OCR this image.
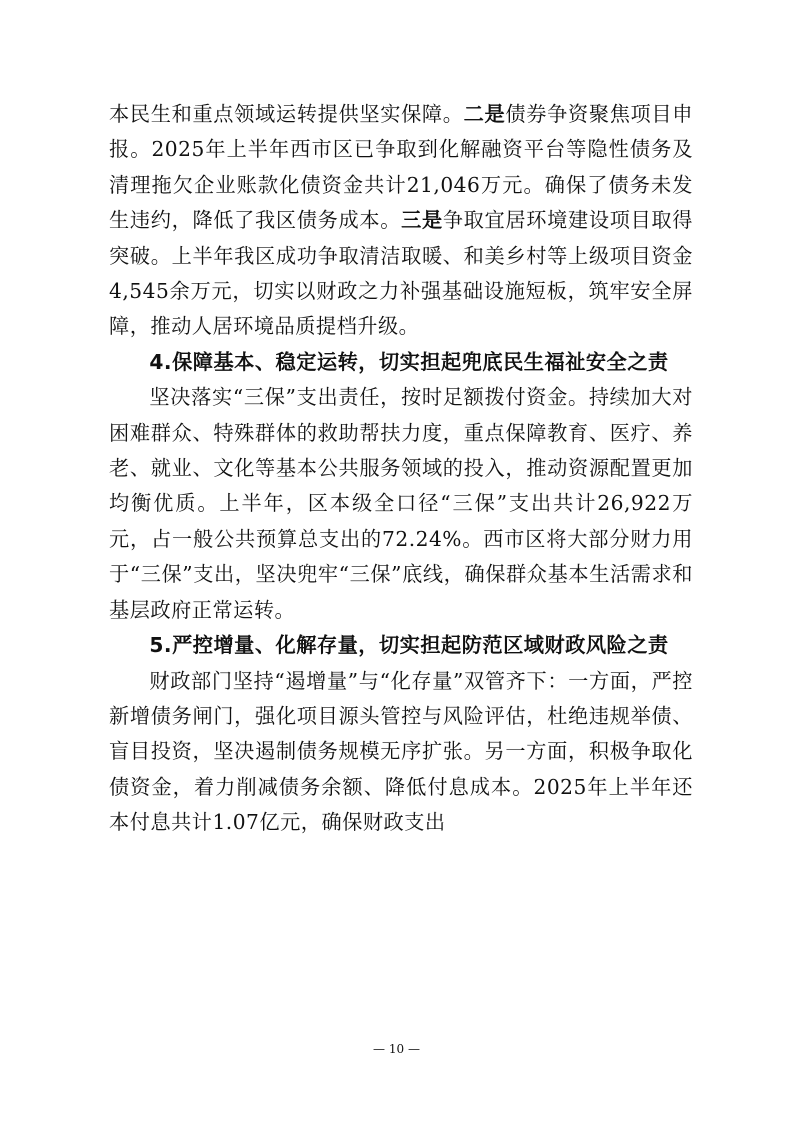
本民生和重点领域运转提供坚实保障。二是债券争资聚焦项目申报。2025年上半年西市区已争取到化解融资平台等隐性债务及清理拖欠企业账款化债资金共计21,046万元。确保了债务未发生违约，降低了我区债务成本。三是争取宜居环境建设项目取得突破。上半年我区成功争取清洁取暖、和美乡村等上级项目资金4,545余万元，切实以财政之力补强基础设施短板，筑牢安全屏障，推动人居环境品质提档升级。

4.保障基本、稳定运转，切实担起兜底民生福祉安全之责

坚决落实“三保”支出责任，按时足额拨付资金。持续加大对困难群众、特殊群体的救助帮扶力度，重点保障教育、医疗、养老、就业、文化等基本公共服务领域的投入，推动资源配置更加均衡优质。上半年，区本级全口径“三保”支出共计26,922万元，占一般公共预算总支出的72.24%。西市区将大部分财力用于“三保”支出，坚决兜牢“三保”底线，确保群众基本生活需求和基层政府正常运转。

5.严控增量、化解存量，切实担起防范区域财政风险之责

财政部门坚持“遏增量”与“化存量”双管齐下：一方面，严控新增债务闸门，强化项目源头管控与风险评估，杜绝违规举债、盲目投资，坚决遏制债务规模无序扩张。另一方面，积极争取化债资金，着力削减债务余额、降低付息成本。2025年上半年还本付息共计1.07亿元，确保财政支出

— 10 —
